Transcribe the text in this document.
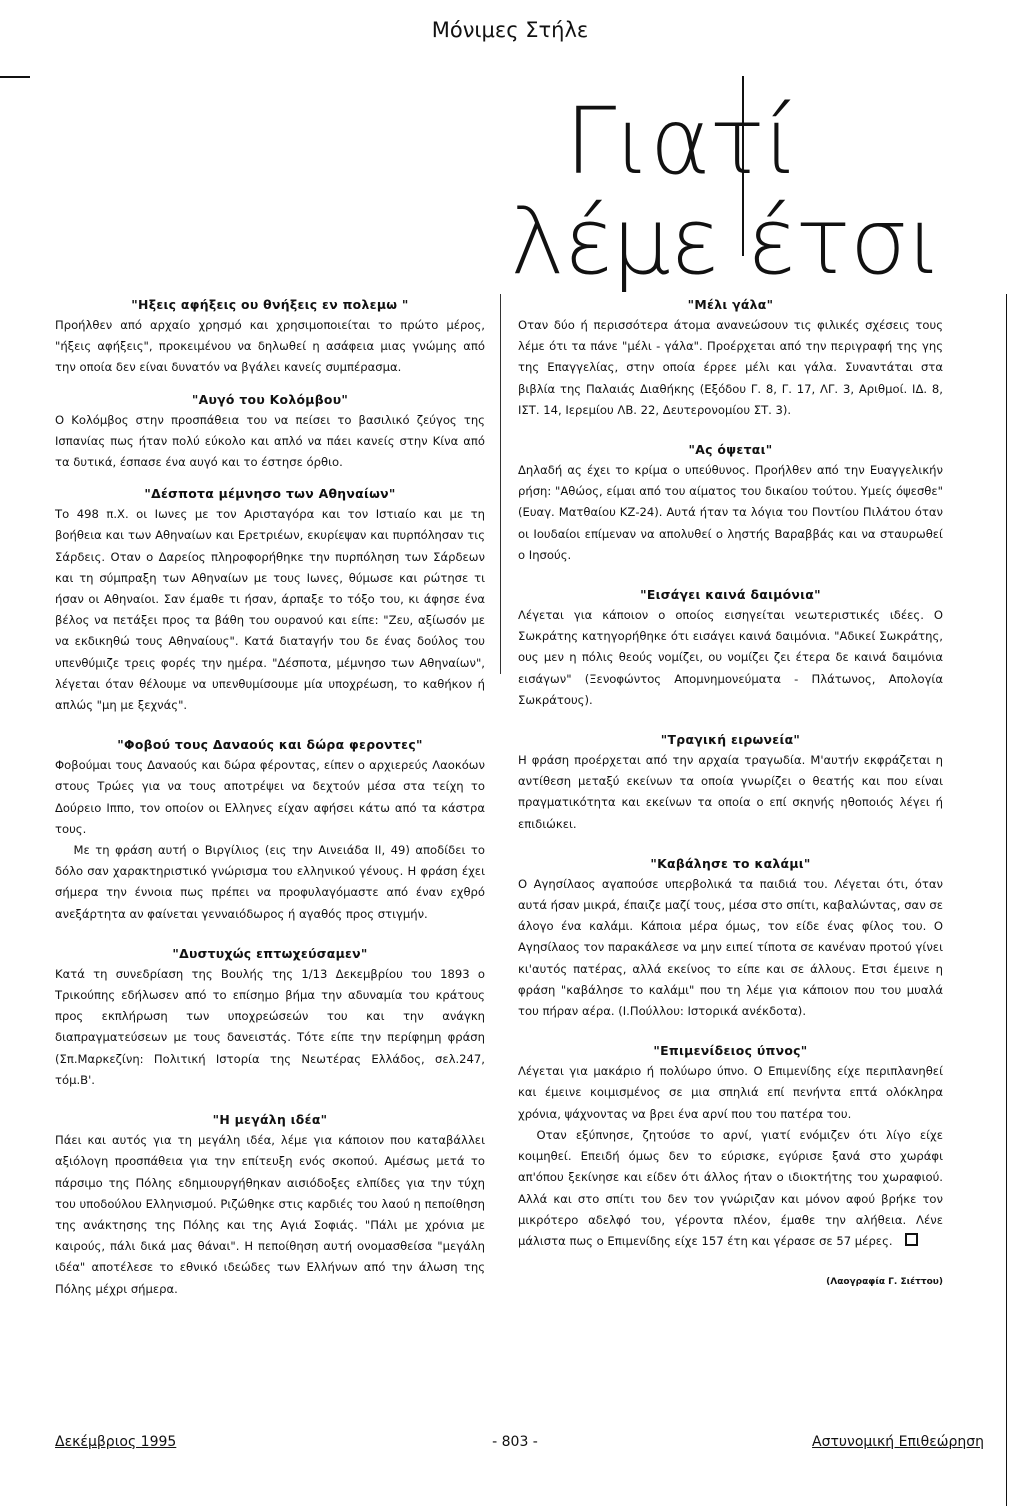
Μόνιμες Στήλε
Γιατί
λέμε έτσι
"Ηξεις αφήξεις ου θνήξεις εν πολεμω "

Προήλθεν από αρχαίο χρησμό και χρησιμοποιείται το πρώτο μέρος, "ήξεις αφήξεις", προκειμένου να δηλωθεί η ασάφεια μιας γνώμης από την οποία δεν είναι δυνατόν να βγάλει κανείς συμπέρασμα.

"Αυγό του Κολόμβου"

Ο Κολόμβος στην προσπάθεια του να πείσει το βασιλικό ζεύγος της Ισπανίας πως ήταν πολύ εύκολο και απλό να πάει κανείς στην Κίνα από τα δυτικά, έσπασε ένα αυγό και το έστησε όρθιο.

"Δέσποτα μέμνησο των Αθηναίων"

Το 498 π.Χ. οι Ιωνες με τον Αρισταγόρα και τον Ιστιαίο και με τη βοήθεια και των Αθηναίων και Ερετριέων, εκυρίεψαν και πυρπόλησαν τις Σάρδεις. Οταν ο Δαρείος πληροφορήθηκε την πυρπόληση των Σάρδεων και τη σύμπραξη των Αθηναίων με τους Ιωνες, θύμωσε και ρώτησε τι ήσαν οι Αθηναίοι. Σαν έμαθε τι ήσαν, άρπαξε το τόξο του, κι άφησε ένα βέλος να πετάξει προς τα βάθη του ουρανού και είπε: "Ζευ, αξίωσόν με να εκδικηθώ τους Αθηναίους". Κατά διαταγήν του δε ένας δούλος του υπενθύμιζε τρεις φορές την ημέρα. "Δέσποτα, μέμνησο των Αθηναίων", λέγεται όταν θέλουμε να υπενθυμίσουμε μία υποχρέωση, το καθήκον ή απλώς "μη με ξεχνάς".

"Φοβού τους Δαναούς και δώρα φεροντες"

Φοβούμαι τους Δαναούς και δώρα φέροντας, είπεν ο αρχιερεύς Λαοκόων στους Τρώες για να τους αποτρέψει να δεχτούν μέσα στα τείχη το Δούρειο Ιππο, τον οποίον οι Ελληνες είχαν αφήσει κάτω από τα κάστρα τους.

Με τη φράση αυτή ο Βιργίλιος (εις την Αινειάδα ΙΙ, 49) αποδίδει το δόλο σαν χαρακτηριστικό γνώρισμα του ελληνικού γένους. Η φράση έχει σήμερα την έννοια πως πρέπει να προφυλαγόμαστε από έναν εχθρό ανεξάρτητα αν φαίνεται γενναιόδωρος ή αγαθός προς στιγμήν.

"Δυστυχώς επτωχεύσαμεν"

Κατά τη συνεδρίαση της Βουλής της 1/13 Δεκεμβρίου του 1893 ο Τρικούπης εδήλωσεν από το επίσημο βήμα την αδυναμία του κράτους προς εκπλήρωση των υποχρεώσεών του και την ανάγκη διαπραγματεύσεων με τους δανειστάς. Τότε είπε την περίφημη φράση (Σπ.Μαρκεζίνη: Πολιτική Ιστορία της Νεωτέρας Ελλάδος, σελ.247, τόμ.Β'.

"Η μεγάλη ιδέα"

Πάει και αυτός για τη μεγάλη ιδέα, λέμε για κάποιον που καταβάλλει αξιόλογη προσπάθεια για την επίτευξη ενός σκοπού. Αμέσως μετά το πάρσιμο της Πόλης εδημιουργήθηκαν αισιόδοξες ελπίδες για την τύχη του υποδούλου Ελληνισμού. Ριζώθηκε στις καρδιές του λαού η πεποίθηση της ανάκτησης της Πόλης και της Αγιά Σοφιάς. "Πάλι με χρόνια με καιρούς, πάλι δικά μας θάναι". Η πεποίθηση αυτή ονομασθείσα "μεγάλη ιδέα" αποτέλεσε το εθνικό ιδεώδες των Ελλήνων από την άλωση της Πόλης μέχρι σήμερα.

"Μέλι γάλα"

Οταν δύο ή περισσότερα άτομα ανανεώσουν τις φιλικές σχέσεις τους λέμε ότι τα πάνε "μέλι - γάλα". Προέρχεται από την περιγραφή της γης της Επαγγελίας, στην οποία έρρεε μέλι και γάλα. Συναντάται στα βιβλία της Παλαιάς Διαθήκης (Εξόδου Γ. 8, Γ. 17, ΛΓ. 3, Αριθμοί. ΙΔ. 8, ΙΣΤ. 14, Ιερεμίου ΛΒ. 22, Δευτερονομίου ΣΤ. 3).

"Ας όψεται"

Δηλαδή ας έχει το κρίμα ο υπεύθυνος. Προήλθεν από την Ευαγγελικήν ρήση: "Αθώος, είμαι από του αίματος του δικαίου τούτου. Υμείς όψεσθε" (Ευαγ. Ματθαίου ΚΖ-24). Αυτά ήταν τα λόγια του Ποντίου Πιλάτου όταν οι Ιουδαίοι επίμεναν να απολυθεί ο ληστής Βαραββάς και να σταυρωθεί ο Ιησούς.

"Εισάγει καινά δαιμόνια"

Λέγεται για κάποιον ο οποίος εισηγείται νεωτεριστικές ιδέες. Ο Σωκράτης κατηγορήθηκε ότι εισάγει καινά δαιμόνια. "Αδικεί Σωκράτης, ους μεν η πόλις θεούς νομίζει, ου νομίζει ζει έτερα δε καινά δαιμόνια εισάγων" (Ξενοφώντος Απομνημονεύματα - Πλάτωνος, Απολογία Σωκράτους).

"Τραγική ειρωνεία"

Η φράση προέρχεται από την αρχαία τραγωδία. Μ'αυτήν εκφράζεται η αντίθεση μεταξύ εκείνων τα οποία γνωρίζει ο θεατής και που είναι πραγματικότητα και εκείνων τα οποία ο επί σκηνής ηθοποιός λέγει ή επιδιώκει.

"Καβάλησε το καλάμι"

Ο Αγησίλαος αγαπούσε υπερβολικά τα παιδιά του. Λέγεται ότι, όταν αυτά ήσαν μικρά, έπαιζε μαζί τους, μέσα στο σπίτι, καβαλώντας, σαν σε άλογο ένα καλάμι. Κάποια μέρα όμως, τον είδε ένας φίλος του. Ο Αγησίλαος τον παρακάλεσε να μην ειπεί τίποτα σε κανέναν προτού γίνει κι'αυτός πατέρας, αλλά εκείνος το είπε και σε άλλους. Ετσι έμεινε η φράση "καβάλησε το καλάμι" που τη λέμε για κάποιον που του μυαλά του πήραν αέρα. (Ι.Πούλλου: Ιστορικά ανέκδοτα).

"Επιμενίδειος ύπνος"

Λέγεται για μακάριο ή πολύωρο ύπνο. Ο Επιμενίδης είχε περιπλανηθεί και έμεινε κοιμισμένος σε μια σπηλιά επί πενήντα επτά ολόκληρα χρόνια, ψάχνοντας να βρει ένα αρνί που του πατέρα του.

Οταν εξύπνησε, ζητούσε το αρνί, γιατί ενόμιζεν ότι λίγο είχε κοιμηθεί. Επειδή όμως δεν το εύρισκε, εγύρισε ξανά στο χωράφι απ'όπου ξεκίνησε και είδεν ότι άλλος ήταν ο ιδιοκτήτης του χωραφιού. Αλλά και στο σπίτι του δεν τον γνώριζαν και μόνον αφού βρήκε τον μικρότερο αδελφό του, γέροντα πλέον, έμαθε την αλήθεια. Λένε μάλιστα πως ο Επιμενίδης είχε 157 έτη και γέρασε σε 57 μέρες.

(Λαογραφία Γ. Σιέττου)
Δεκέμβριος 1995	- 803 -	Αστυνομική Επιθεώρηση
